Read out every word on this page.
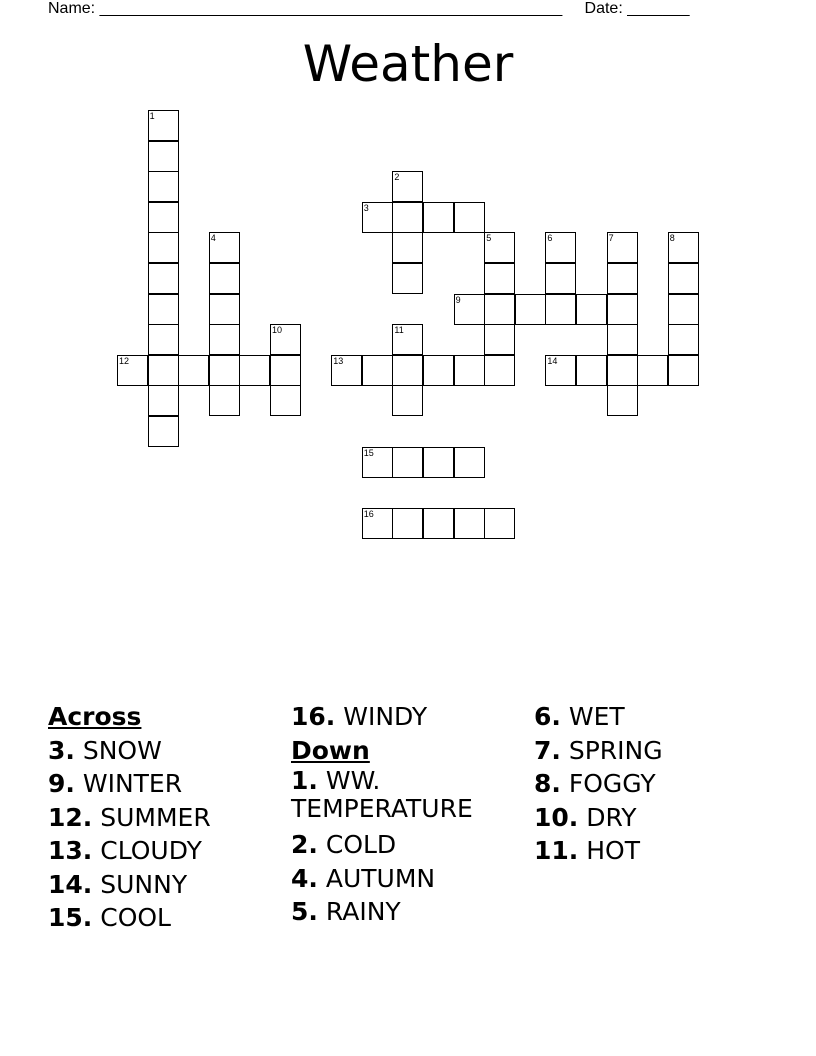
Name: ____________________________________________________ Date: _______
Weather
1
2
3
4	5	6	7	8
9
10	11
12	13	14
15
16
Across
3. SNOW
9. WINTER
12. SUMMER
13. CLOUDY
14. SUNNY
15. COOL
16. WINDY
Down
1. WW. TEMPERATURE
2. COLD
4. AUTUMN
5. RAINY
6. WET
7. SPRING
8. FOGGY
10. DRY
11. HOT
